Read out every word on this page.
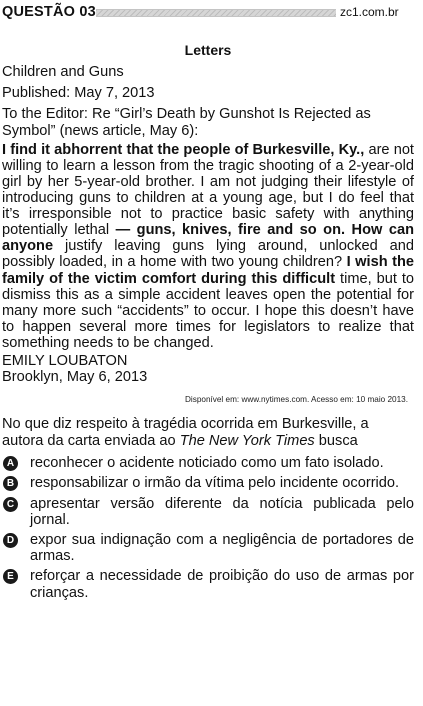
QUESTÃO 03	zc1.com.br
Letters
Children and Guns
Published: May 7, 2013
To the Editor: Re “Girl’s Death by Gunshot Is Rejected as Symbol” (news article, May 6):

I find it abhorrent that the people of Burkesville, Ky., are not willing to learn a lesson from the tragic shooting of a 2-year-old girl by her 5-year-old brother. I am not judging their lifestyle of introducing guns to children at a young age, but I do feel that it’s irresponsible not to practice basic safety with anything potentially lethal — guns, knives, fire and so on. How can anyone justify leaving guns lying around, unlocked and possibly loaded, in a home with two young children? I wish the family of the victim comfort during this difficult time, but to dismiss this as a simple accident leaves open the potential for many more such “accidents” to occur. I hope this doesn’t have to happen several more times for legislators to realize that something needs to be changed.

EMILY LOUBATON
Brooklyn, May 6, 2013
Disponível em: www.nytimes.com. Acesso em: 10 maio 2013.
No que diz respeito à tragédia ocorrida em Burkesville, a autora da carta enviada ao The New York Times busca
A reconhecer o acidente noticiado como um fato isolado.
B responsabilizar o irmão da vítima pelo incidente ocorrido.
C apresentar versão diferente da notícia publicada pelo jornal.
D expor sua indignação com a negligência de portadores de armas.
E reforçar a necessidade de proibição do uso de armas por crianças.
